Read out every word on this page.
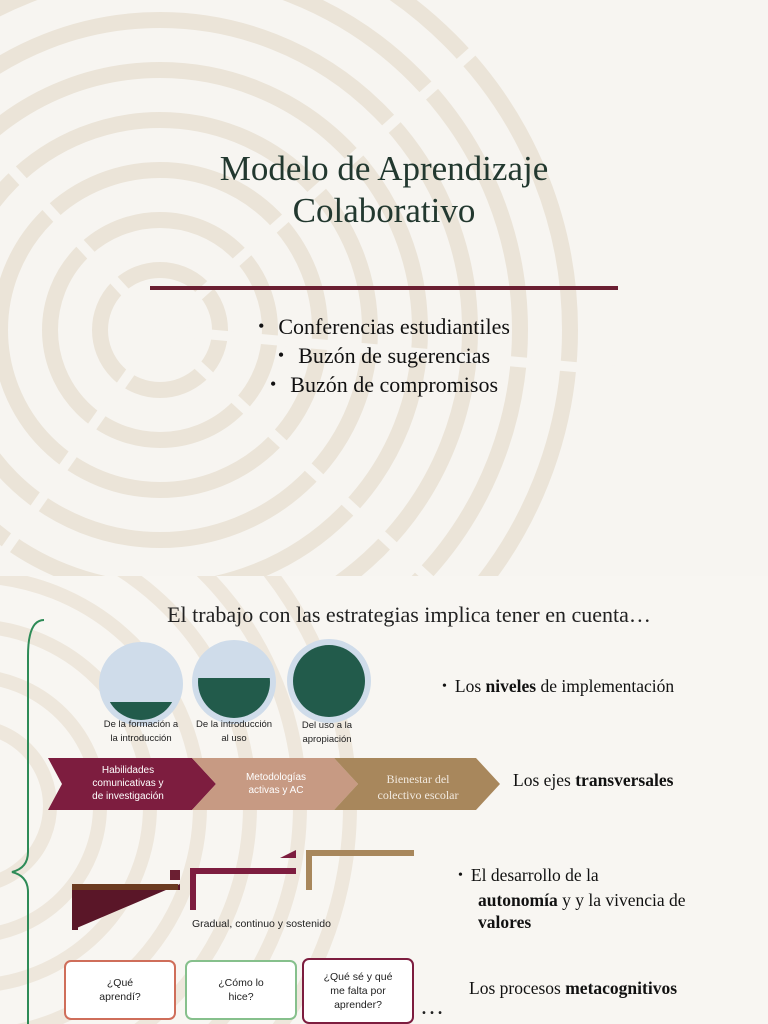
Modelo de Aprendizaje
Colaborativo
• Conferencias estudiantiles
• Buzón de sugerencias
• Buzón de compromisos
El trabajo con las estrategias implica tener en cuenta…
De la formación a
la introducción
De la introducción
al uso
Del uso a la
apropiación
• Los niveles de implementación
Habilidades
comunicativas y
de investigación
Metodologías
activas y AC
Bienestar del
colectivo escolar
Los ejes transversales
Gradual, continuo y sostenido
• El desarrollo de la
autonomía y y la vivencia de
valores
¿Qué
aprendí?
¿Cómo lo
hice?
¿Qué sé y qué
me falta por
aprender?	…
Los procesos metacognitivos
